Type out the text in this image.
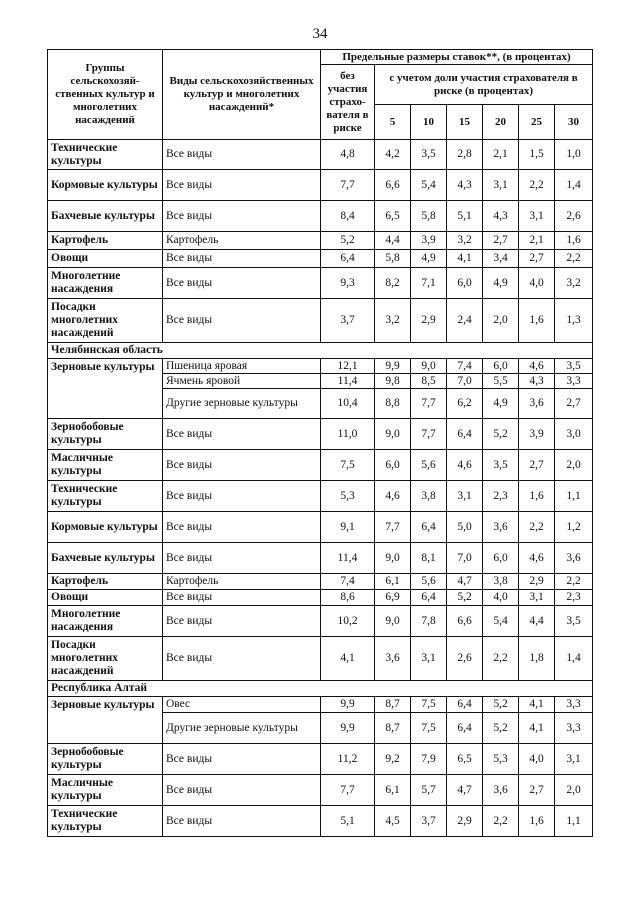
34
Группы сельскохозяй-ственных культур и многолетних насаждений	Виды сельскохозяйственных культур и многолетних насаждений*	Предельные размеры ставок**, (в процентах)						
		без участия страхо-вателя в риске	с учетом доли участия страхователя в риске (в процентах)					
			5	10	15	20	25	30
Технические культуры	Все виды	4,8	4,2	3,5	2,8	2,1	1,5	1,0
Кормовые культуры	Все виды	7,7	6,6	5,4	4,3	3,1	2,2	1,4
Бахчевые культуры	Все виды	8,4	6,5	5,8	5,1	4,3	3,1	2,6
Картофель	Картофель	5,2	4,4	3,9	3,2	2,7	2,1	1,6
Овощи	Все виды	6,4	5,8	4,9	4,1	3,4	2,7	2,2
Многолетние насаждения	Все виды	9,3	8,2	7,1	6,0	4,9	4,0	3,2
Посадки многолетних насаждений	Все виды	3,7	3,2	2,9	2,4	2,0	1,6	1,3
Челябинская область								
Зерновые культуры	Пшеница яровая	12,1	9,9	9,0	7,4	6,0	4,6	3,5
	Ячмень яровой	11,4	9,8	8,5	7,0	5,5	4,3	3,3
	Другие зерновые культуры	10,4	8,8	7,7	6,2	4,9	3,6	2,7
Зернобобовые культуры	Все виды	11,0	9,0	7,7	6,4	5,2	3,9	3,0
Масличные культуры	Все виды	7,5	6,0	5,6	4,6	3,5	2,7	2,0
Технические культуры	Все виды	5,3	4,6	3,8	3,1	2,3	1,6	1,1
Кормовые культуры	Все виды	9,1	7,7	6,4	5,0	3,6	2,2	1,2
Бахчевые культуры	Все виды	11,4	9,0	8,1	7,0	6,0	4,6	3,6
Картофель	Картофель	7,4	6,1	5,6	4,7	3,8	2,9	2,2
Овощи	Все виды	8,6	6,9	6,4	5,2	4,0	3,1	2,3
Многолетние насаждения	Все виды	10,2	9,0	7,8	6,6	5,4	4,4	3,5
Посадки многолетних насаждений	Все виды	4,1	3,6	3,1	2,6	2,2	1,8	1,4
Республика Алтай								
Зерновые культуры	Овес	9,9	8,7	7,5	6,4	5,2	4,1	3,3
	Другие зерновые культуры	9,9	8,7	7,5	6,4	5,2	4,1	3,3
Зернобобовые культуры	Все виды	11,2	9,2	7,9	6,5	5,3	4,0	3,1
Масличные культуры	Все виды	7,7	6,1	5,7	4,7	3,6	2,7	2,0
Технические культуры	Все виды	5,1	4,5	3,7	2,9	2,2	1,6	1,1
